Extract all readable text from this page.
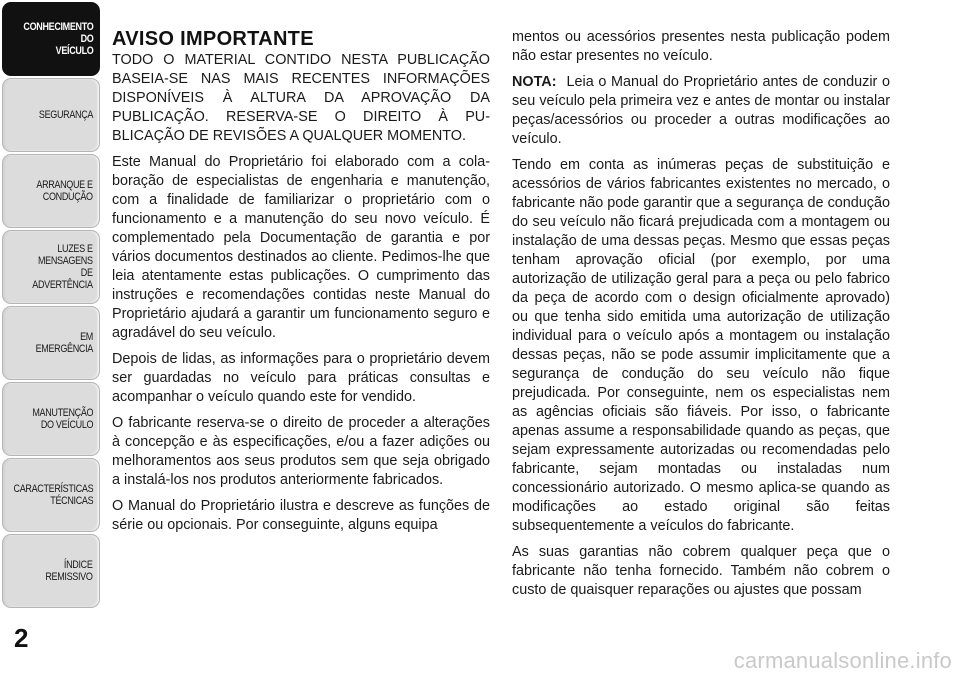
CONHECIMENTO
DO
VEÍCULO
SEGURANÇA
ARRANQUE E
CONDUÇÃO
LUZES E
MENSAGENS
DE
ADVERTÊNCIA
EM
EMERGÊNCIA
MANUTENÇÃO
DO VEÍCULO
CARACTERÍSTICAS
TÉCNICAS
ÍNDICE
REMISSIVO
2
AVISO IMPORTANTE

TODO O MATERIAL CONTIDO NESTA PUBLICAÇÃO BASEIA-SE NAS MAIS RECENTES INFORMAÇÕES DISPONÍVEIS À ALTURA DA APROVAÇÃO DA PUBLICAÇÃO. RESERVA-SE O DIREITO À PUBLICAÇÃO DE REVISÕES A QUALQUER MOMENTO.

Este Manual do Proprietário foi elaborado com a colaboração de especialistas de engenharia e manutenção, com a finalidade de familiarizar o proprietário com o funcionamento e a manutenção do seu novo veículo. É complementado pela Documentação de garantia e por vários documentos destinados ao cliente. Pedimos-lhe que leia atentamente estas publicações. O cumprimento das instruções e recomendações contidas neste Manual do Proprietário ajudará a garantir um funcionamento seguro e agradável do seu veículo.

Depois de lidas, as informações para o proprietário devem ser guardadas no veículo para práticas consultas e acompanhar o veículo quando este for vendido.

O fabricante reserva-se o direito de proceder a alterações à concepção e às especificações, e/ou a fazer adições ou melhoramentos aos seus produtos sem que seja obrigado a instalá-los nos produtos anteriormente fabricados.

O Manual do Proprietário ilustra e descreve as funções de série ou opcionais. Por conseguinte, alguns equipa

mentos ou acessórios presentes nesta publicação podem não estar presentes no veículo.

NOTA: Leia o Manual do Proprietário antes de conduzir o seu veículo pela primeira vez e antes de montar ou instalar peças/acessórios ou proceder a outras modificações ao veículo.

Tendo em conta as inúmeras peças de substituição e acessórios de vários fabricantes existentes no mercado, o fabricante não pode garantir que a segurança de condução do seu veículo não ficará prejudicada com a montagem ou instalação de uma dessas peças. Mesmo que essas peças tenham aprovação oficial (por exemplo, por uma autorização de utilização geral para a peça ou pelo fabrico da peça de acordo com o design oficialmente aprovado) ou que tenha sido emitida uma autorização de utilização individual para o veículo após a montagem ou instalação dessas peças, não se pode assumir implicitamente que a segurança de condução do seu veículo não fique prejudicada. Por conseguinte, nem os especialistas nem as agências oficiais são fiáveis. Por isso, o fabricante apenas assume a responsabilidade quando as peças, que sejam expressamente autorizadas ou recomendadas pelo fabricante, sejam montadas ou instaladas num concessionário autorizado. O mesmo aplica-se quando as modificações ao estado original são feitas subsequentemente a veículos do fabricante.

As suas garantias não cobrem qualquer peça que o fabricante não tenha fornecido. Também não cobrem o custo de quaisquer reparações ou ajustes que possam

carmanualsonline.info
